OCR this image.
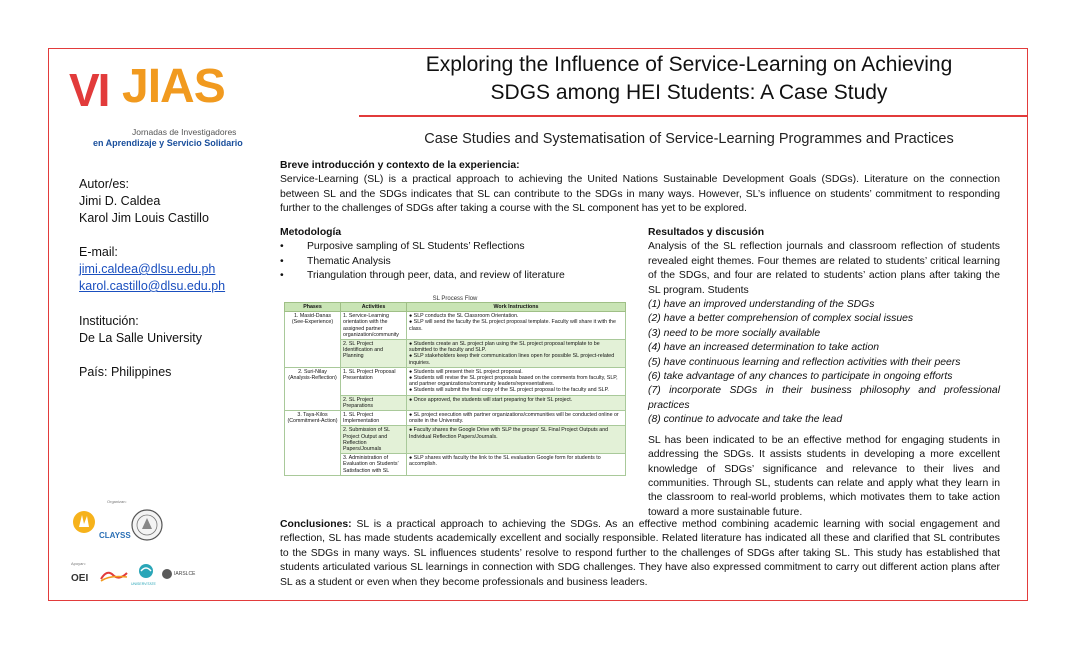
VI JIAS
Jornadas de Investigadores
en Aprendizaje y Servicio Solidario
Exploring the Influence of Service-Learning on Achieving
SDGS among HEI Students: A Case Study
Case Studies and Systematisation of Service-Learning Programmes and Practices
Autor/es:
Jimi D. Caldea
Karol Jim Louis Castillo
E-mail:
jimi.caldea@dlsu.edu.ph
karol.castillo@dlsu.edu.ph
Institución:
De La Salle University
País: Philippines
Organizan:
CLAYSS
Apoyan:
OEI	UNISERVITATE
IARSLCE
Breve introducción y contexto de la experiencia:
Service-Learning (SL) is a practical approach to achieving the United Nations Sustainable Development Goals (SDGs). Literature on the connection between SL and the SDGs indicates that SL can contribute to the SDGs in many ways. However, SL’s influence on students’ commitment to responding further to the challenges of SDGs after taking a course with the SL component has yet to be explored.
Metodología
• Purposive sampling of SL Students’ Reflections
• Thematic Analysis
• Triangulation through peer, data, and review of literature
SL Process Flow
Phases	Activities	Work Instructions
1. Masid-Danas (See-Experience)	1. Service-Learning orientation with the assigned partner organization/community	● SLP conducts the SL Classroom Orientation.
● SLP will send the faculty the SL project proposal template. Faculty will share it with the class.
	2. SL Project Identification and Planning	● Students create an SL project plan using the SL project proposal template to be submitted to the faculty and SLP.
● SLP stakeholders keep their communication lines open for possible SL project-related inquiries.
2. Suri-Nilay (Analysis-Reflection)	1. SL Project Proposal Presentation	● Students will present their SL project proposal.
● Students will revise the SL project proposals based on the comments from faculty, SLP, and partner organizations/community leaders/representatives.
● Students will submit the final copy of the SL project proposal to the faculty and SLP.
	2. SL Project Preparations	● Once approved, the students will start preparing for their SL project.
3. Taya-Kilos (Commitment-Action)	1. SL Project Implementation	● SL project execution with partner organizations/communities will be conducted online or onsite in the University.
	2. Submission of SL Project Output and Reflection Papers/Journals	● Faculty shares the Google Drive with SLP the groups’ SL Final Project Outputs and Individual Reflection Papers/Journals.
	3. Administration of Evaluation on Students’ Satisfaction with SL	● SLP shares with faculty the link to the SL evaluation Google form for students to accomplish.
Resultados y discusión
Analysis of the SL reflection journals and classroom reflection of students revealed eight themes. Four themes are related to students’ critical learning of the SDGs, and four are related to students’ action plans after taking the SL program. Students
(1) have an improved understanding of the SDGs
(2) have a better comprehension of complex social issues
(3) need to be more socially available
(4) have an increased determination to take action
(5) have continuous learning and reflection activities with their peers
(6) take advantage of any chances to participate in ongoing efforts
(7) incorporate SDGs in their business philosophy and professional practices
(8) continue to advocate and take the lead
SL has been indicated to be an effective method for engaging students in addressing the SDGs. It assists students in developing a more excellent knowledge of SDGs’ significance and relevance to their lives and communities. Through SL, students can relate and apply what they learn in the classroom to real-world problems, which motivates them to take action toward a more sustainable future.
Conclusiones: SL is a practical approach to achieving the SDGs. As an effective method combining academic learning with social engagement and reflection, SL has made students academically excellent and socially responsible. Related literature has indicated all these and clarified that SL contributes to the SDGs in many ways. SL influences students’ resolve to respond further to the challenges of SDGs after taking SL. This study has established that students articulated various SL learnings in connection with SDG challenges. They have also expressed commitment to carry out different action plans after SL as a student or even when they become professionals and business leaders.
